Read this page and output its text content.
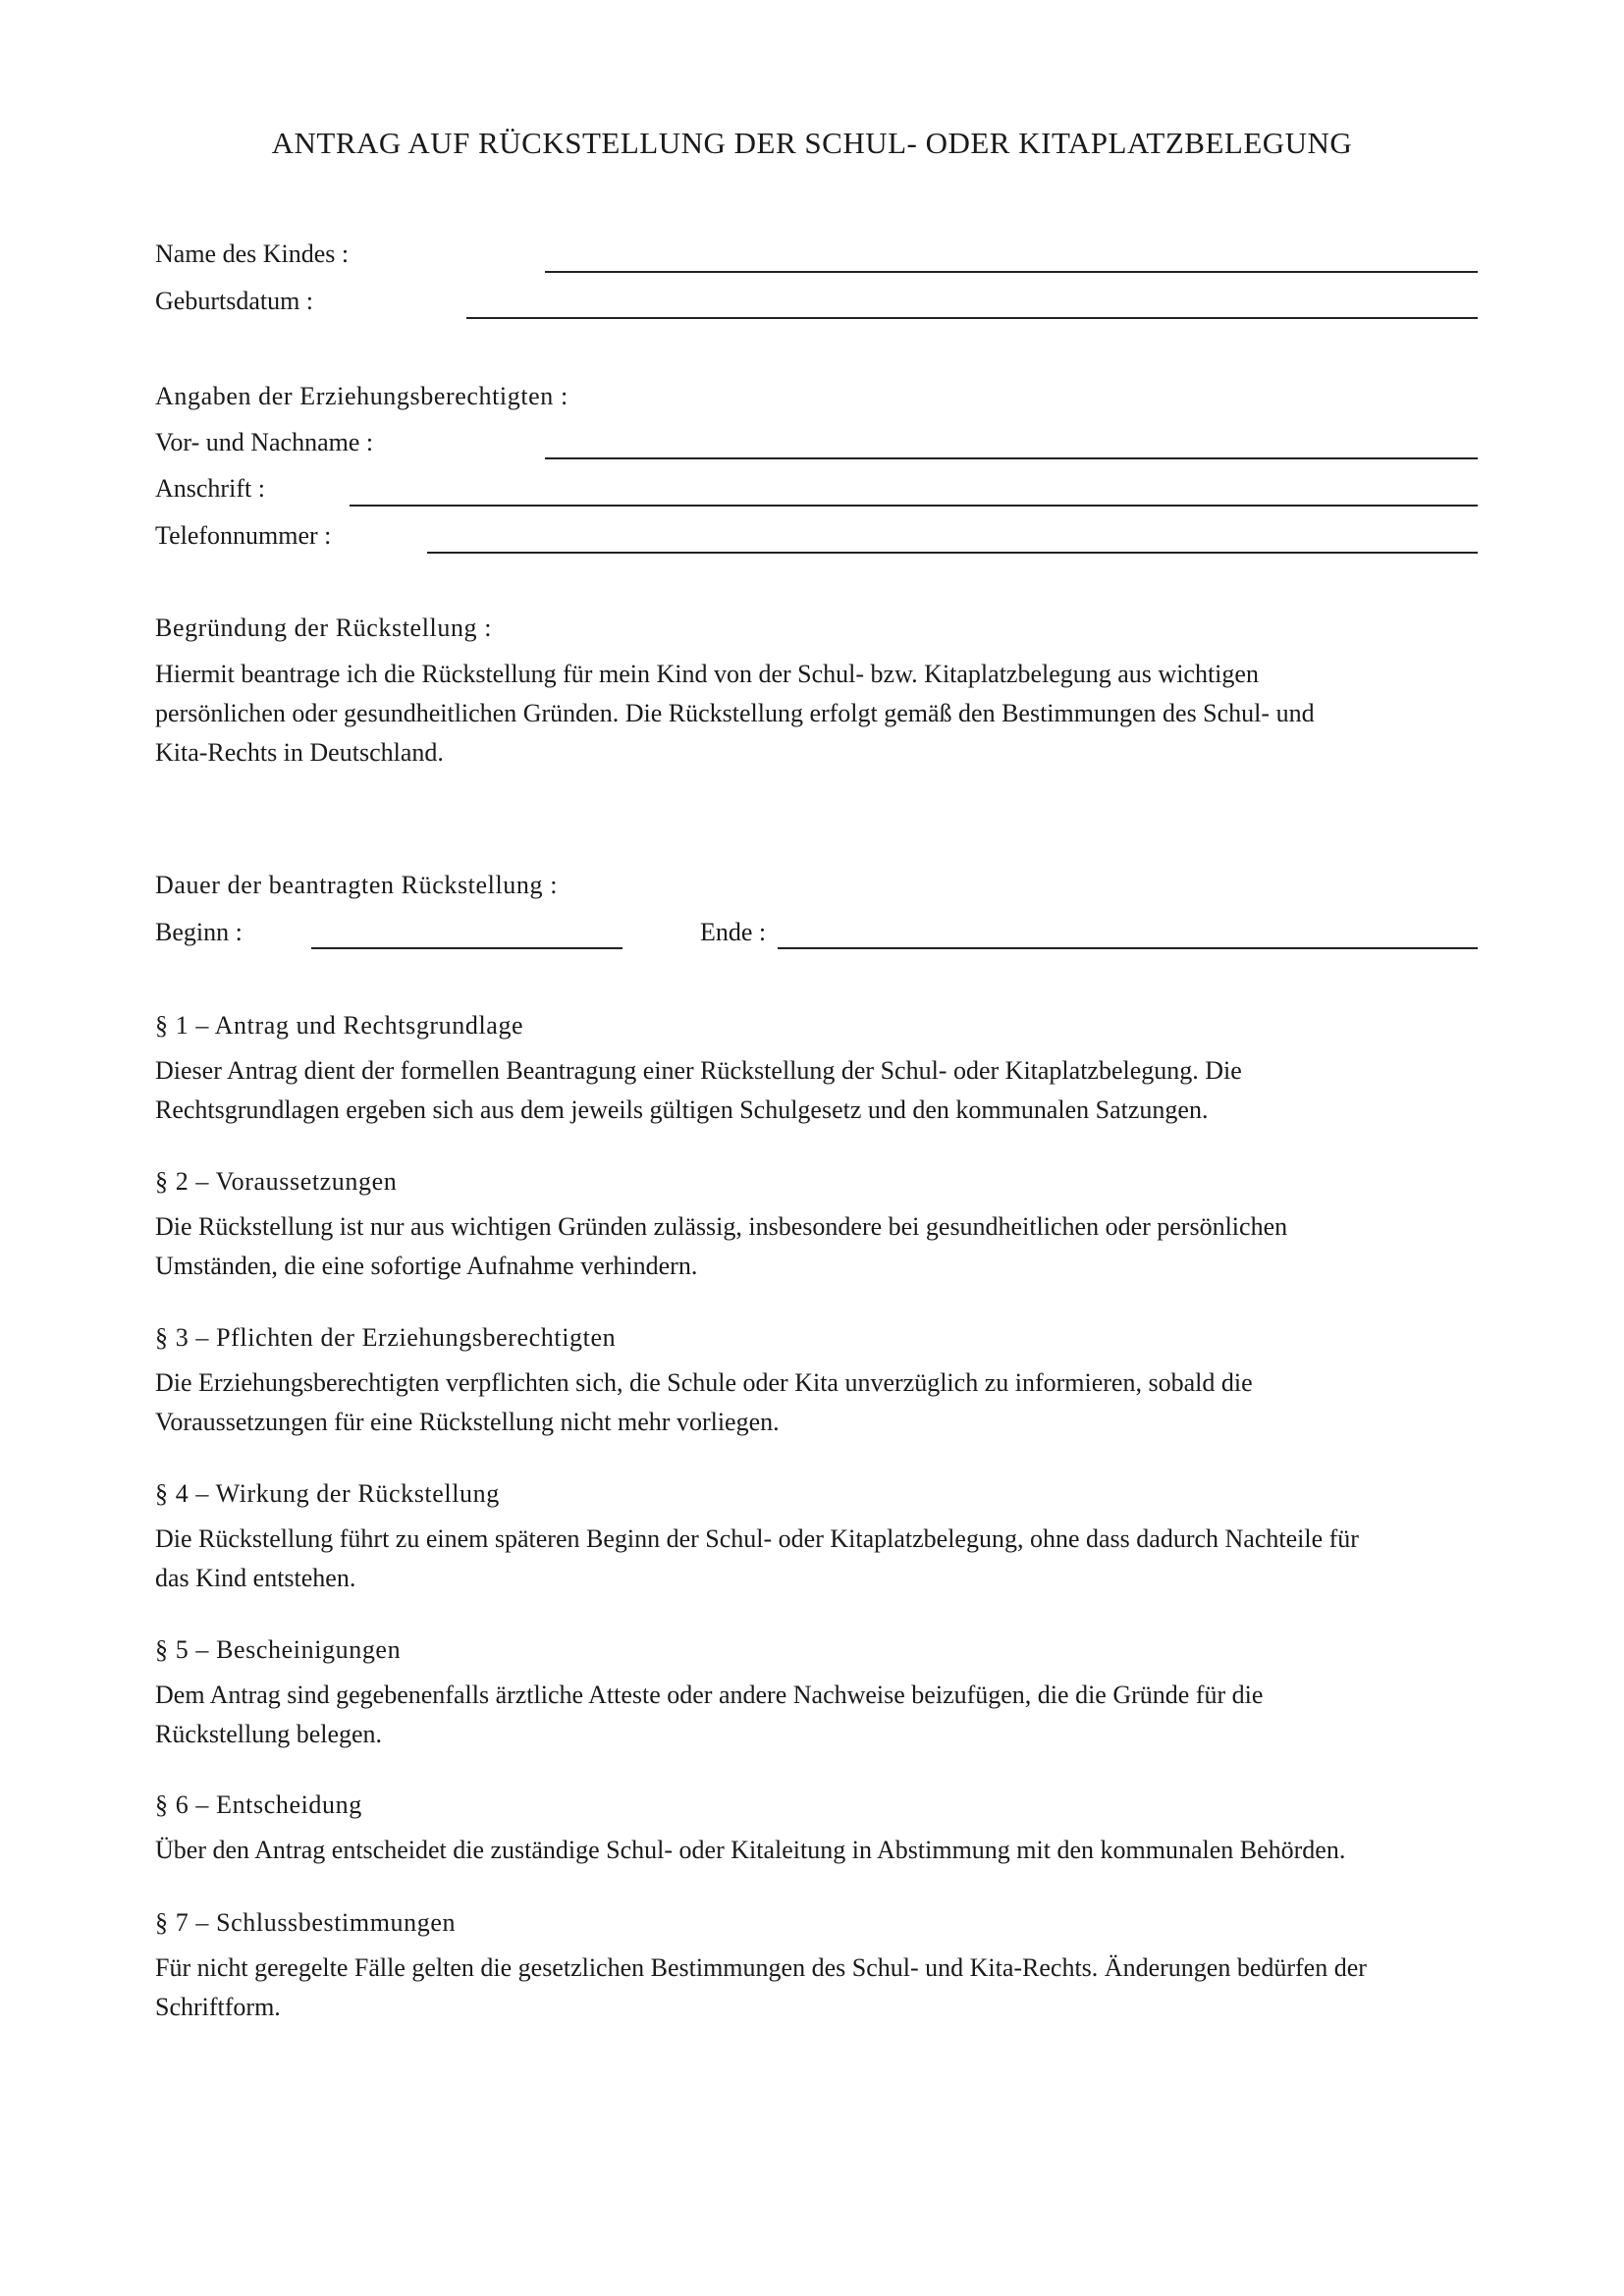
ANTRAG AUF RÜCKSTELLUNG DER SCHUL- ODER KITAPLATZBELEGUNG
Name des Kindes :
Geburtsdatum :
Angaben der Erziehungsberechtigten :
Vor- und Nachname :
Anschrift :
Telefonnummer :
Begründung der Rückstellung :
Hiermit beantrage ich die Rückstellung für mein Kind von der Schul- bzw. Kitaplatzbelegung aus wichtigen
persönlichen oder gesundheitlichen Gründen. Die Rückstellung erfolgt gemäß den Bestimmungen des Schul- und
Kita-Rechts in Deutschland.
Dauer der beantragten Rückstellung :
Beginn :	Ende :
§ 1 – Antrag und Rechtsgrundlage
Dieser Antrag dient der formellen Beantragung einer Rückstellung der Schul- oder Kitaplatzbelegung. Die
Rechtsgrundlagen ergeben sich aus dem jeweils gültigen Schulgesetz und den kommunalen Satzungen.
§ 2 – Voraussetzungen
Die Rückstellung ist nur aus wichtigen Gründen zulässig, insbesondere bei gesundheitlichen oder persönlichen
Umständen, die eine sofortige Aufnahme verhindern.
§ 3 – Pflichten der Erziehungsberechtigten
Die Erziehungsberechtigten verpflichten sich, die Schule oder Kita unverzüglich zu informieren, sobald die
Voraussetzungen für eine Rückstellung nicht mehr vorliegen.
§ 4 – Wirkung der Rückstellung
Die Rückstellung führt zu einem späteren Beginn der Schul- oder Kitaplatzbelegung, ohne dass dadurch Nachteile für
das Kind entstehen.
§ 5 – Bescheinigungen
Dem Antrag sind gegebenenfalls ärztliche Atteste oder andere Nachweise beizufügen, die die Gründe für die
Rückstellung belegen.
§ 6 – Entscheidung
Über den Antrag entscheidet die zuständige Schul- oder Kitaleitung in Abstimmung mit den kommunalen Behörden.
§ 7 – Schlussbestimmungen
Für nicht geregelte Fälle gelten die gesetzlichen Bestimmungen des Schul- und Kita-Rechts. Änderungen bedürfen der
Schriftform.
